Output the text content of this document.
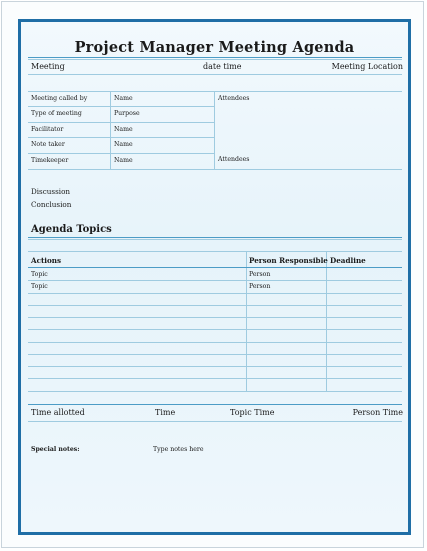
Project Manager Meeting Agenda
Meeting	date time	Meeting Location
Meeting called by	Name
Type of meeting	Purpose
Facilitator	Name
Note taker	Name
Timekeeper	Name
Attendees
Attendees
Discussion
Conclusion
Agenda Topics
Actions	Person Responsible Deadline
Topic	Person
Topic	Person
Time allotted	Time	Topic Time	Person Time
Special notes:	Type notes here
